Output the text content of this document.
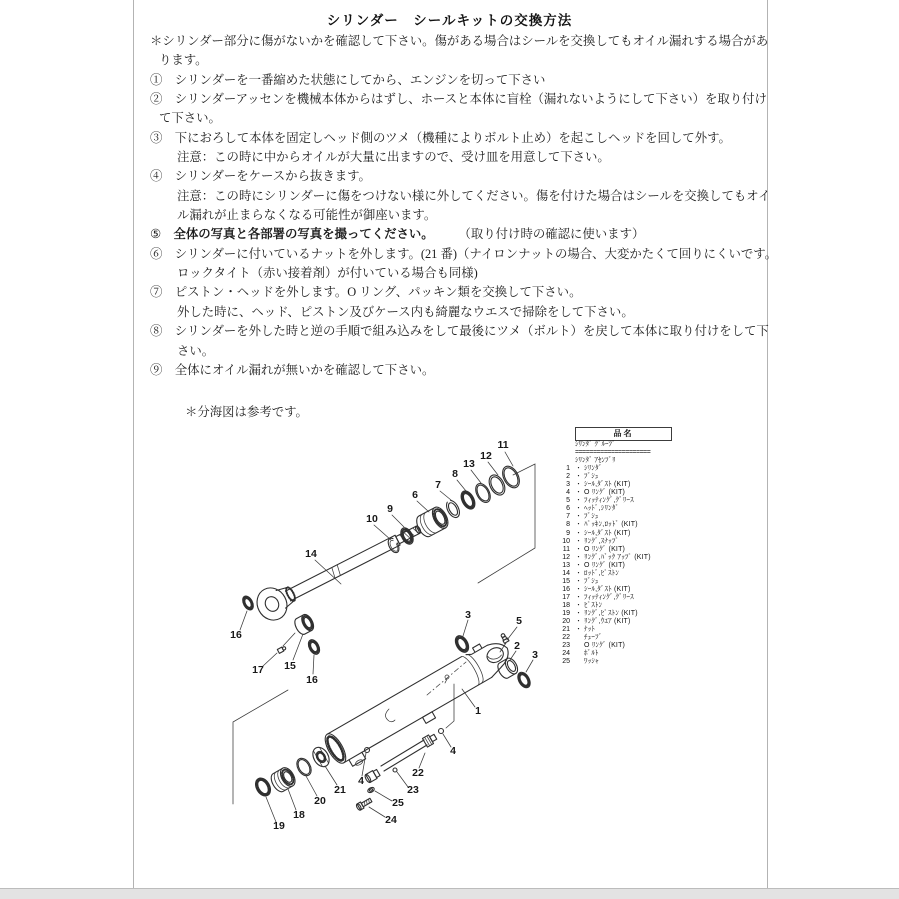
シリンダー　シールキットの交換方法
＊シリンダー部分に傷がないかを確認して下さい。傷がある場合はシールを交換してもオイル漏れする場合があ
ります。
①　シリンダーを一番縮めた状態にしてから、エンジンを切って下さい
②　シリンダーアッセンを機械本体からはずし、ホースと本体に盲栓（漏れないようにして下さい）を取り付け
て下さい。
③　下におろして本体を固定しヘッド側のツメ（機種によりボルト止め）を起こしヘッドを回して外す。
注意：この時に中からオイルが大量に出ますので、受け皿を用意して下さい。
④　シリンダーをケースから抜きます。
注意：この時にシリンダーに傷をつけない様に外してください。傷を付けた場合はシールを交換してもオイ
ル漏れが止まらなくなる可能性が御座います。
⑤　全体の写真と各部署の写真を撮ってください。　　　（取り付け時の確認に使います）
⑥　シリンダーに付いているナットを外します。(21 番)（ナイロンナットの場合、大変かたくて回りにくいです。
ロックタイト（赤い接着剤）が付いている場合も同様)
⑦　ピストン・ヘッドを外します。O リング、パッキン類を交換して下さい。
外した時に、ヘッド、ピストン及びケース内も綺麗なウエスで掃除をして下さい。
⑧　シリンダーを外した時と逆の手順で組み込みをして最後にツメ（ボルト）を戻して本体に取り付けをして下
さい。
⑨　全体にオイル漏れが無いかを確認して下さい。
＊分海図は参考です。
品名
ｼﾘﾝﾀﾞ ｸﾞﾙｰﾌﾟ
=====================
ｼﾘﾝﾀﾞ ｱｾﾝﾌﾞﾘ
1 ・ ｼﾘﾝﾀﾞ
2 ・ ﾌﾞｼｭ
3 ・ ｼｰﾙ,ﾀﾞｽﾄ (KIT)
4 ・ O ﾘﾝｸﾞ (KIT)
5 ・ ﾌｨｯﾃｨﾝｸﾞ,ｸﾞﾘｰｽ
6 ・ ﾍｯﾄﾞ,ｼﾘﾝﾀﾞ
7 ・ ﾌﾞｼｭ
8 ・ ﾊﾟｯｷﾝ,ﾛｯﾄﾞ (KIT)
9 ・ ｼｰﾙ,ﾀﾞｽﾄ (KIT)
10 ・ ﾘﾝｸﾞ,ｽﾅｯﾌﾟ
11 ・ O ﾘﾝｸﾞ (KIT)
12 ・ ﾘﾝｸﾞ,ﾊﾞｯｸ ｱｯﾌﾟ (KIT)
13 ・ O ﾘﾝｸﾞ (KIT)
14 ・ ﾛｯﾄﾞ,ﾋﾟｽﾄﾝ
15 ・ ﾌﾞｼｭ
16 ・ ｼｰﾙ,ﾀﾞｽﾄ (KIT)
17 ・ ﾌｨｯﾃｨﾝｸﾞ,ｸﾞﾘｰｽ
18 ・ ﾋﾟｽﾄﾝ
19 ・ ﾘﾝｸﾞ,ﾋﾟｽﾄﾝ (KIT)
20 ・ ﾘﾝｸﾞ,ｳｴｱ (KIT)
21 ・ ﾅｯﾄ
22	ﾁｭｰﾌﾞ
23	O ﾘﾝｸﾞ (KIT)
24	ﾎﾞﾙﾄ
25	ﾜｯｼｬ
11
12
13
8
7
6
9
10
14
16
17 15
16
3	5
2
3
1
4
4
22
23
25
24
21
20
18
19
